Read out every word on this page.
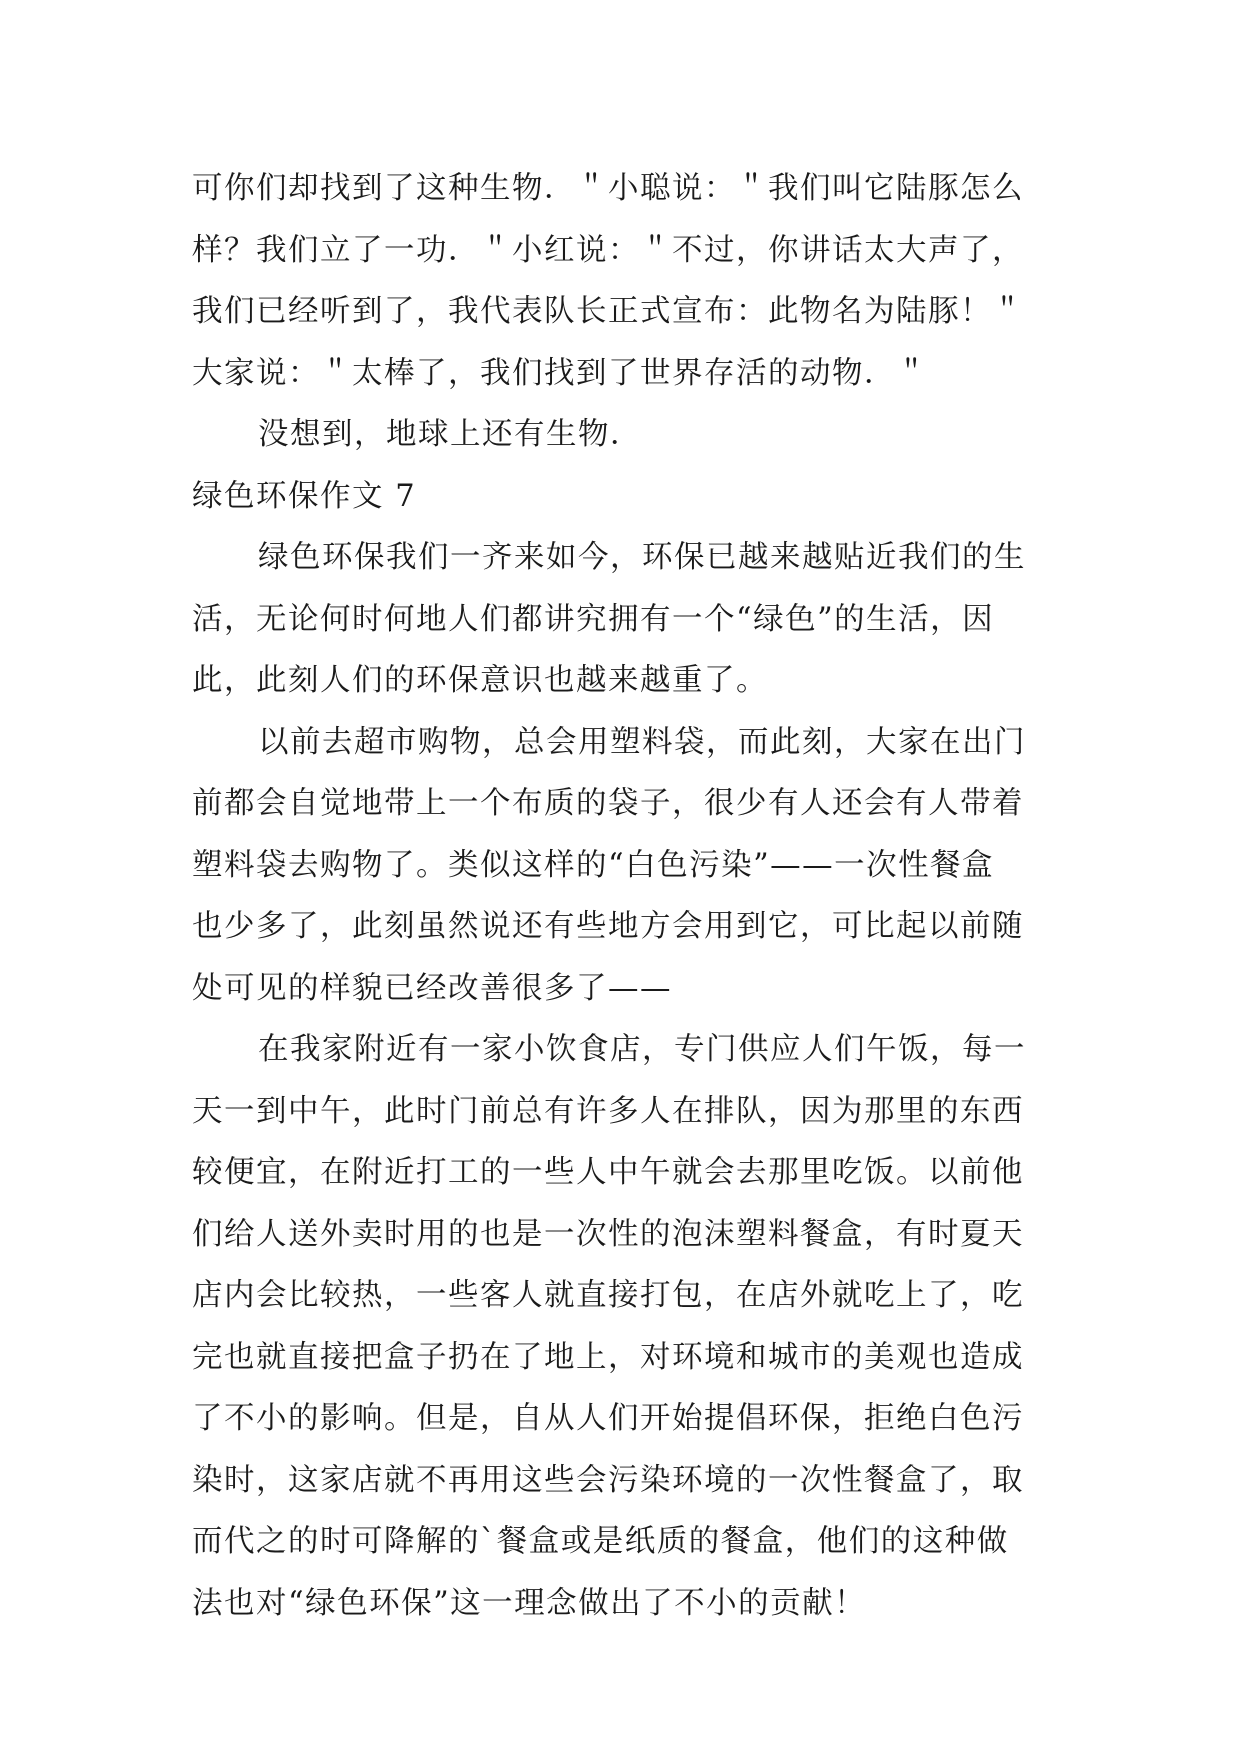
可你们却找到了这种生物．＂小聪说：＂我们叫它陆豚怎么
样？我们立了一功．＂小红说：＂不过，你讲话太大声了，
我们已经听到了，我代表队长正式宣布：此物名为陆豚！＂
大家说：＂太棒了，我们找到了世界存活的动物．＂
没想到，地球上还有生物．
绿色环保作文 7
绿色环保我们一齐来如今，环保已越来越贴近我们的生
活，无论何时何地人们都讲究拥有一个“绿色”的生活，因
此，此刻人们的环保意识也越来越重了。
以前去超市购物，总会用塑料袋，而此刻，大家在出门
前都会自觉地带上一个布质的袋子，很少有人还会有人带着
塑料袋去购物了。类似这样的“白色污染”——一次性餐盒
也少多了，此刻虽然说还有些地方会用到它，可比起以前随
处可见的样貌已经改善很多了——
在我家附近有一家小饮食店，专门供应人们午饭，每一
天一到中午，此时门前总有许多人在排队，因为那里的东西
较便宜，在附近打工的一些人中午就会去那里吃饭。以前他
们给人送外卖时用的也是一次性的泡沫塑料餐盒，有时夏天
店内会比较热，一些客人就直接打包，在店外就吃上了，吃
完也就直接把盒子扔在了地上，对环境和城市的美观也造成
了不小的影响。但是，自从人们开始提倡环保，拒绝白色污
染时，这家店就不再用这些会污染环境的一次性餐盒了，取
而代之的时可降解的`餐盒或是纸质的餐盒，他们的这种做
法也对“绿色环保”这一理念做出了不小的贡献！
